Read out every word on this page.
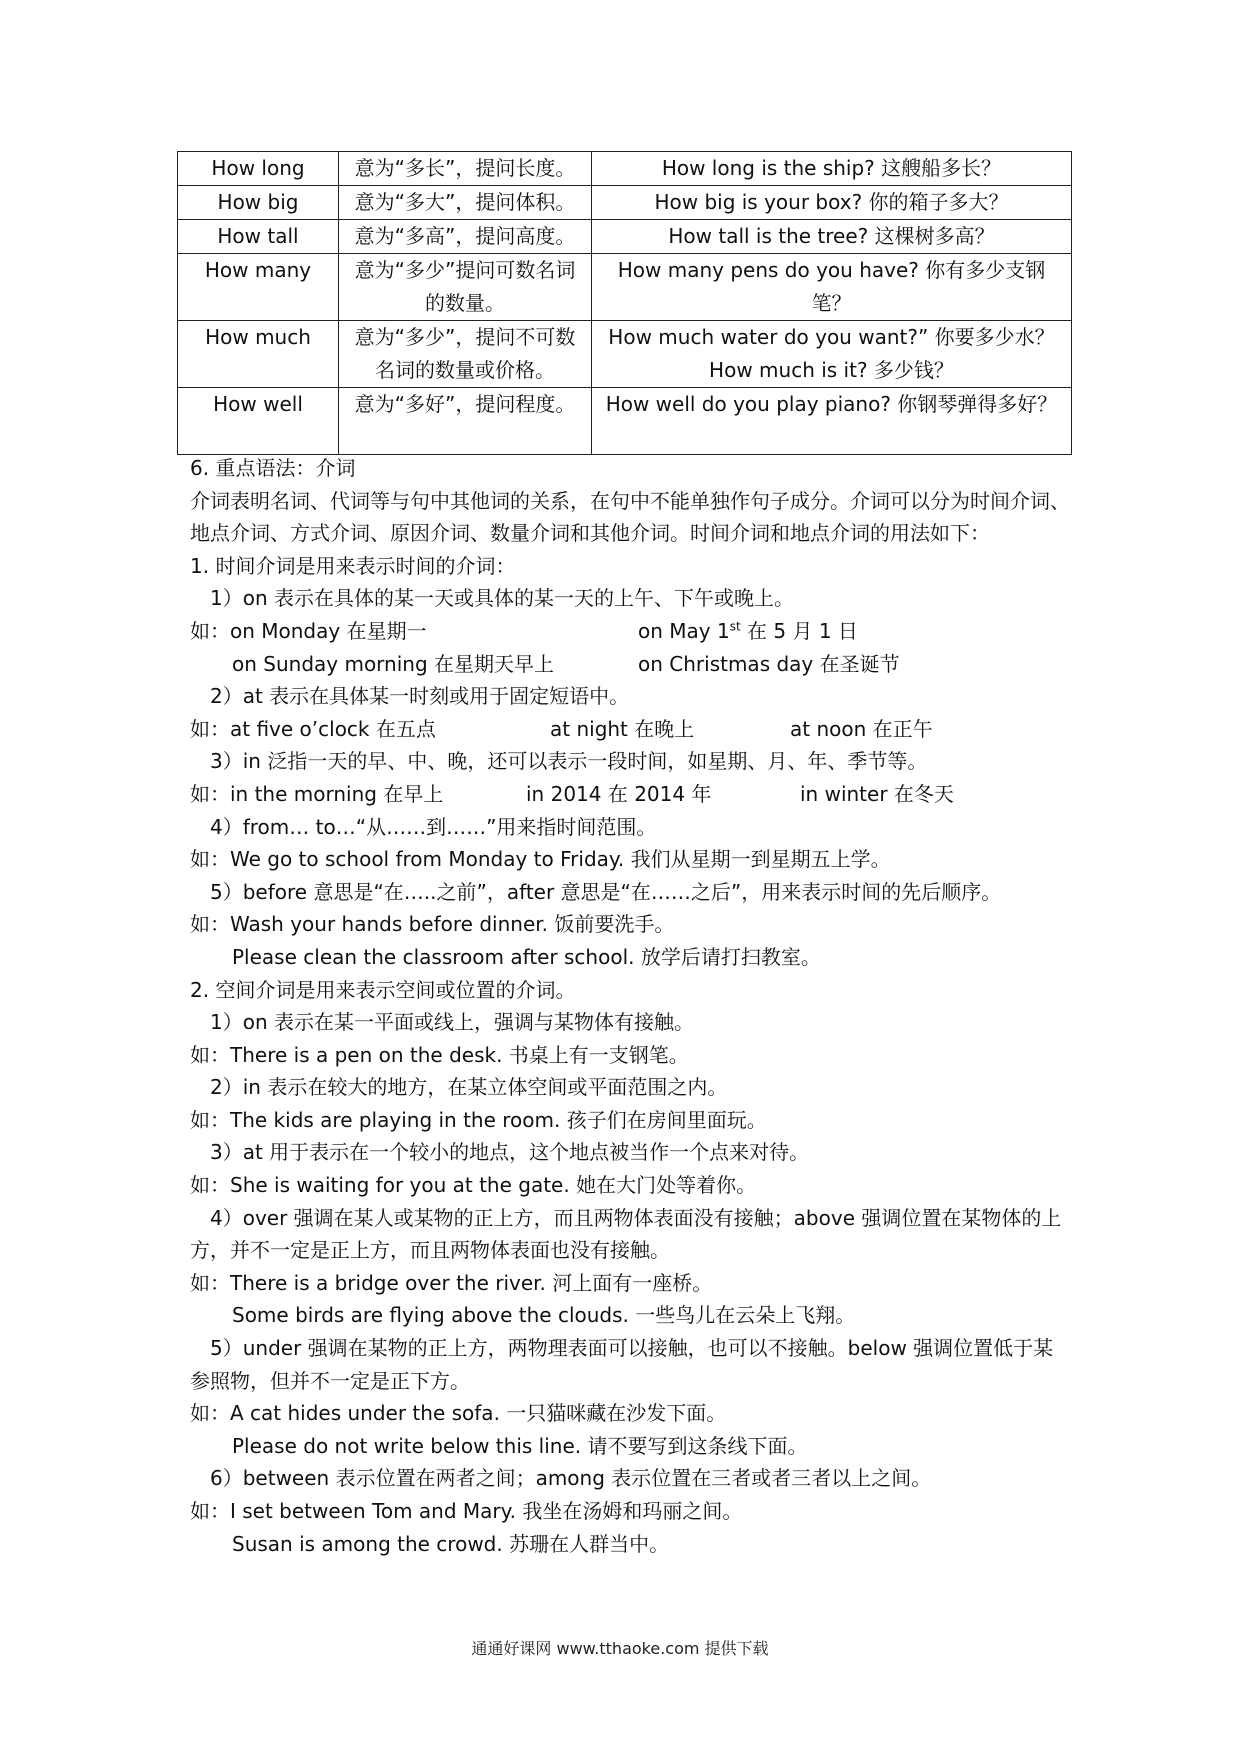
How long	意为“多长”，提问长度。	How long is the ship? 这艘船多长？
How big	意为“多大”，提问体积。	How big is your box? 你的箱子多大？
How tall	意为“多高”，提问高度。	How tall is the tree? 这棵树多高？
How many	意为“多少”提问可数名词的数量。	How many pens do you have? 你有多少支钢笔？
How much	意为“多少”，提问不可数名词的数量或价格。	How much water do you want?” 你要多少水？ How much is it? 多少钱？
How well	意为“多好”，提问程度。	How well do you play piano? 你钢琴弹得多好？
6. 重点语法：介词
介词表明名词、代词等与句中其他词的关系，在句中不能单独作句子成分。介词可以分为时间介词、地点介词、方式介词、原因介词、数量介词和其他介词。时间介词和地点介词的用法如下：
1. 时间介词是用来表示时间的介词：
1）on 表示在具体的某一天或具体的某一天的上午、下午或晚上。
如：on Monday 在星期一	on May 1st 在 5 月 1 日
on Sunday morning 在星期天早上	on Christmas day 在圣诞节
2）at 表示在具体某一时刻或用于固定短语中。
如：at five o’clock 在五点	at night 在晚上	at noon 在正午
3）in 泛指一天的早、中、晚，还可以表示一段时间，如星期、月、年、季节等。
如：in the morning 在早上	in 2014 在 2014 年	in winter 在冬天
4）from… to…“从……到……”用来指时间范围。
如：We go to school from Monday to Friday. 我们从星期一到星期五上学。
5）before 意思是“在…..之前”，after 意思是“在……之后”，用来表示时间的先后顺序。
如：Wash your hands before dinner. 饭前要洗手。
Please clean the classroom after school. 放学后请打扫教室。
2. 空间介词是用来表示空间或位置的介词。
1）on 表示在某一平面或线上，强调与某物体有接触。
如：There is a pen on the desk. 书桌上有一支钢笔。
2）in 表示在较大的地方，在某立体空间或平面范围之内。
如：The kids are playing in the room. 孩子们在房间里面玩。
3）at 用于表示在一个较小的地点，这个地点被当作一个点来对待。
如：She is waiting for you at the gate. 她在大门处等着你。
4）over 强调在某人或某物的正上方，而且两物体表面没有接触；above 强调位置在某物体的上方，并不一定是正上方，而且两物体表面也没有接触。
如：There is a bridge over the river. 河上面有一座桥。
Some birds are flying above the clouds. 一些鸟儿在云朵上飞翔。
5）under 强调在某物的正上方，两物理表面可以接触，也可以不接触。below 强调位置低于某参照物，但并不一定是正下方。
如：A cat hides under the sofa. 一只猫咪藏在沙发下面。
Please do not write below this line. 请不要写到这条线下面。
6）between 表示位置在两者之间；among 表示位置在三者或者三者以上之间。
如：I set between Tom and Mary. 我坐在汤姆和玛丽之间。
Susan is among the crowd. 苏珊在人群当中。
通通好课网 www.tthaoke.com 提供下载
